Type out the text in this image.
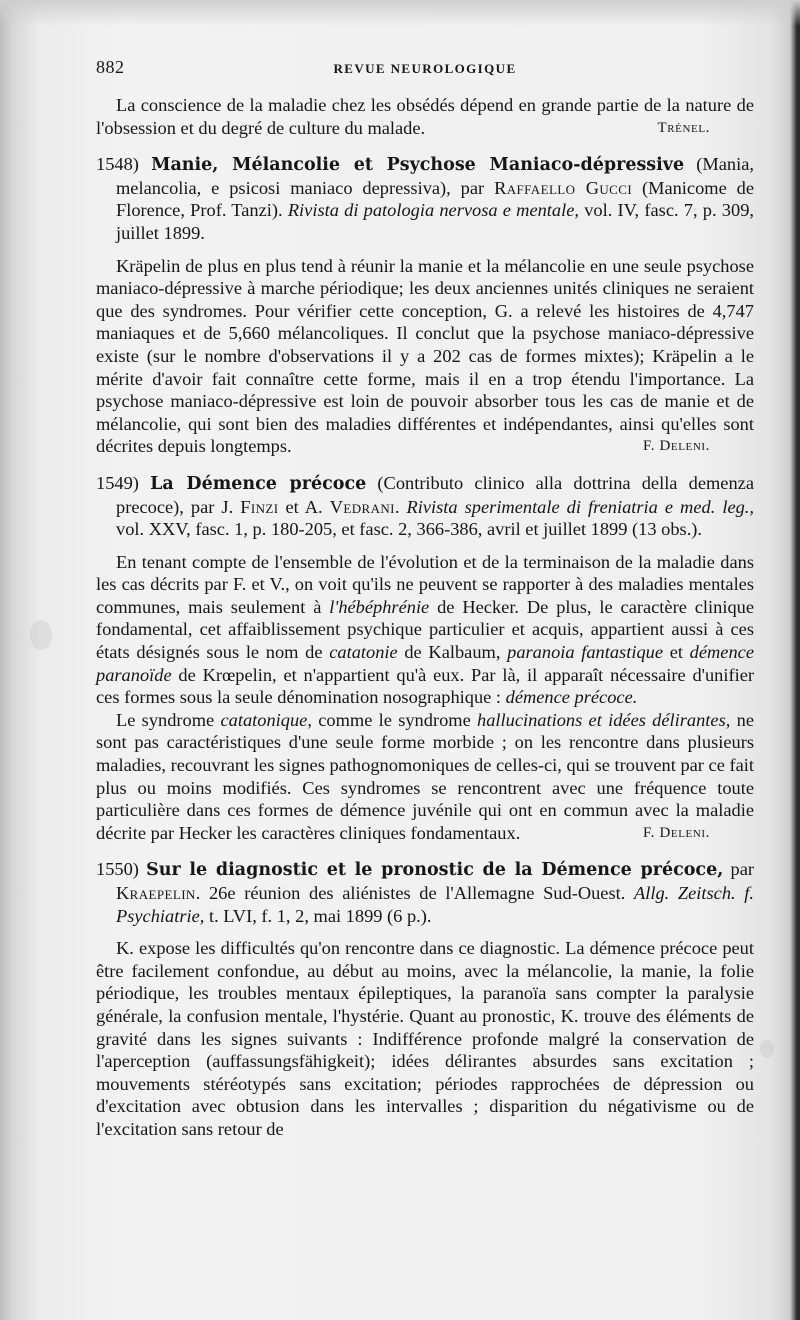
882	REVUE NEUROLOGIQUE

La conscience de la maladie chez les obsédés dépend en grande partie de la nature de l'obsession et du degré de culture du malade.	Trénel.

1548) Manie, Mélancolie et Psychose Maniaco-dépressive (Mania, melancolia, e psicosi maniaco depressiva), par Raffaello Gucci (Manicome de Florence, Prof. Tanzi). Rivista di patologia nervosa e mentale, vol. IV, fasc. 7, p. 309, juillet 1899.

Kräpelin de plus en plus tend à réunir la manie et la mélancolie en une seule psychose maniaco-dépressive à marche périodique; les deux anciennes unités cliniques ne seraient que des syndromes. Pour vérifier cette conception, G. a relevé les histoires de 4,747 maniaques et de 5,660 mélancoliques. Il conclut que la psychose maniaco-dépressive existe (sur le nombre d'observations il y a 202 cas de formes mixtes); Kräpelin a le mérite d'avoir fait connaître cette forme, mais il en a trop étendu l'importance. La psychose maniaco-dépressive est loin de pouvoir absorber tous les cas de manie et de mélancolie, qui sont bien des maladies différentes et indépendantes, ainsi qu'elles sont décrites depuis longtemps.	F. Deleni.

1549) La Démence précoce (Contributo clinico alla dottrina della demenza precoce), par J. Finzi et A. Vedrani. Rivista sperimentale di freniatria e med. leg., vol. XXV, fasc. 1, p. 180-205, et fasc. 2, 366-386, avril et juillet 1899 (13 obs.).

En tenant compte de l'ensemble de l'évolution et de la terminaison de la maladie dans les cas décrits par F. et V., on voit qu'ils ne peuvent se rapporter à des maladies mentales communes, mais seulement à l'hébéphrénie de Hecker. De plus, le caractère clinique fondamental, cet affaiblissement psychique particulier et acquis, appartient aussi à ces états désignés sous le nom de catatonie de Kalbaum, paranoia fantastique et démence paranoïde de Krœpelin, et n'appartient qu'à eux. Par là, il apparaît nécessaire d'unifier ces formes sous la seule dénomination nosographique : démence précoce.

Le syndrome catatonique, comme le syndrome hallucinations et idées délirantes, ne sont pas caractéristiques d'une seule forme morbide ; on les rencontre dans plusieurs maladies, recouvrant les signes pathognomoniques de celles-ci, qui se trouvent par ce fait plus ou moins modifiés. Ces syndromes se rencontrent avec une fréquence toute particulière dans ces formes de démence juvénile qui ont en commun avec la maladie décrite par Hecker les caractères cliniques fondamentaux.	F. Deleni.

1550) Sur le diagnostic et le pronostic de la Démence précoce, par Kraepelin. 26e réunion des aliénistes de l'Allemagne Sud-Ouest. Allg. Zeitsch. f. Psychiatrie, t. LVI, f. 1, 2, mai 1899 (6 p.).

K. expose les difficultés qu'on rencontre dans ce diagnostic. La démence précoce peut être facilement confondue, au début au moins, avec la mélancolie, la manie, la folie périodique, les troubles mentaux épileptiques, la paranoïa sans compter la paralysie générale, la confusion mentale, l'hystérie. Quant au pronostic, K. trouve des éléments de gravité dans les signes suivants : Indifférence profonde malgré la conservation de l'aperception (auffassungsfähigkeit); idées délirantes absurdes sans excitation ; mouvements stéréotypés sans excitation; périodes rapprochées de dépression ou d'excitation avec obtusion dans les intervalles ; disparition du négativisme ou de l'excitation sans retour de
